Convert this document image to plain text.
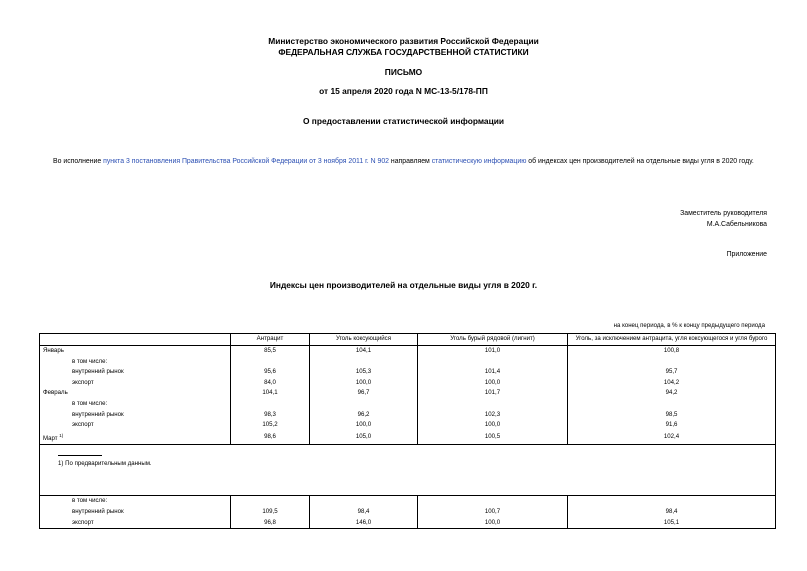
Министерство экономического развития Российской Федерации
ФЕДЕРАЛЬНАЯ СЛУЖБА ГОСУДАРСТВЕННОЙ СТАТИСТИКИ
ПИСЬМО
от 15 апреля 2020 года N МС-13-5/178-ПП
О предоставлении статистической информации
Во исполнение пункта 3 постановления Правительства Российской Федерации от 3 ноября 2011 г. N 902 направляем статистическую информацию об индексах цен производителей на отдельные виды угля в 2020 году.
Заместитель руководителя
М.А.Сабельникова
Приложение
Индексы цен производителей на отдельные виды угля в 2020 г.
на конец периода, в % к концу предыдущего периода
	Антрацит	Уголь коксующийся	Уголь бурый рядовой (лигнит)	Уголь, за исключением антрацита, угля коксующегося и угля бурого
Январь	85,5	104,1	101,0	100,8
в том числе:				
внутренний рынок	95,6	105,3	101,4	95,7
экспорт	84,0	100,0	100,0	104,2
Февраль	104,1	96,7	101,7	94,2
в том числе:				
внутренний рынок	98,3	96,2	102,3	98,5
экспорт	105,2	100,0	100,0	91,6
Март $^{1)}$	98,6	105,0	100,5	102,4

1) По предварительным данным.				

в том числе:				
внутренний рынок	109,5	98,4	100,7	98,4
экспорт	96,8	146,0	100,0	105,1
